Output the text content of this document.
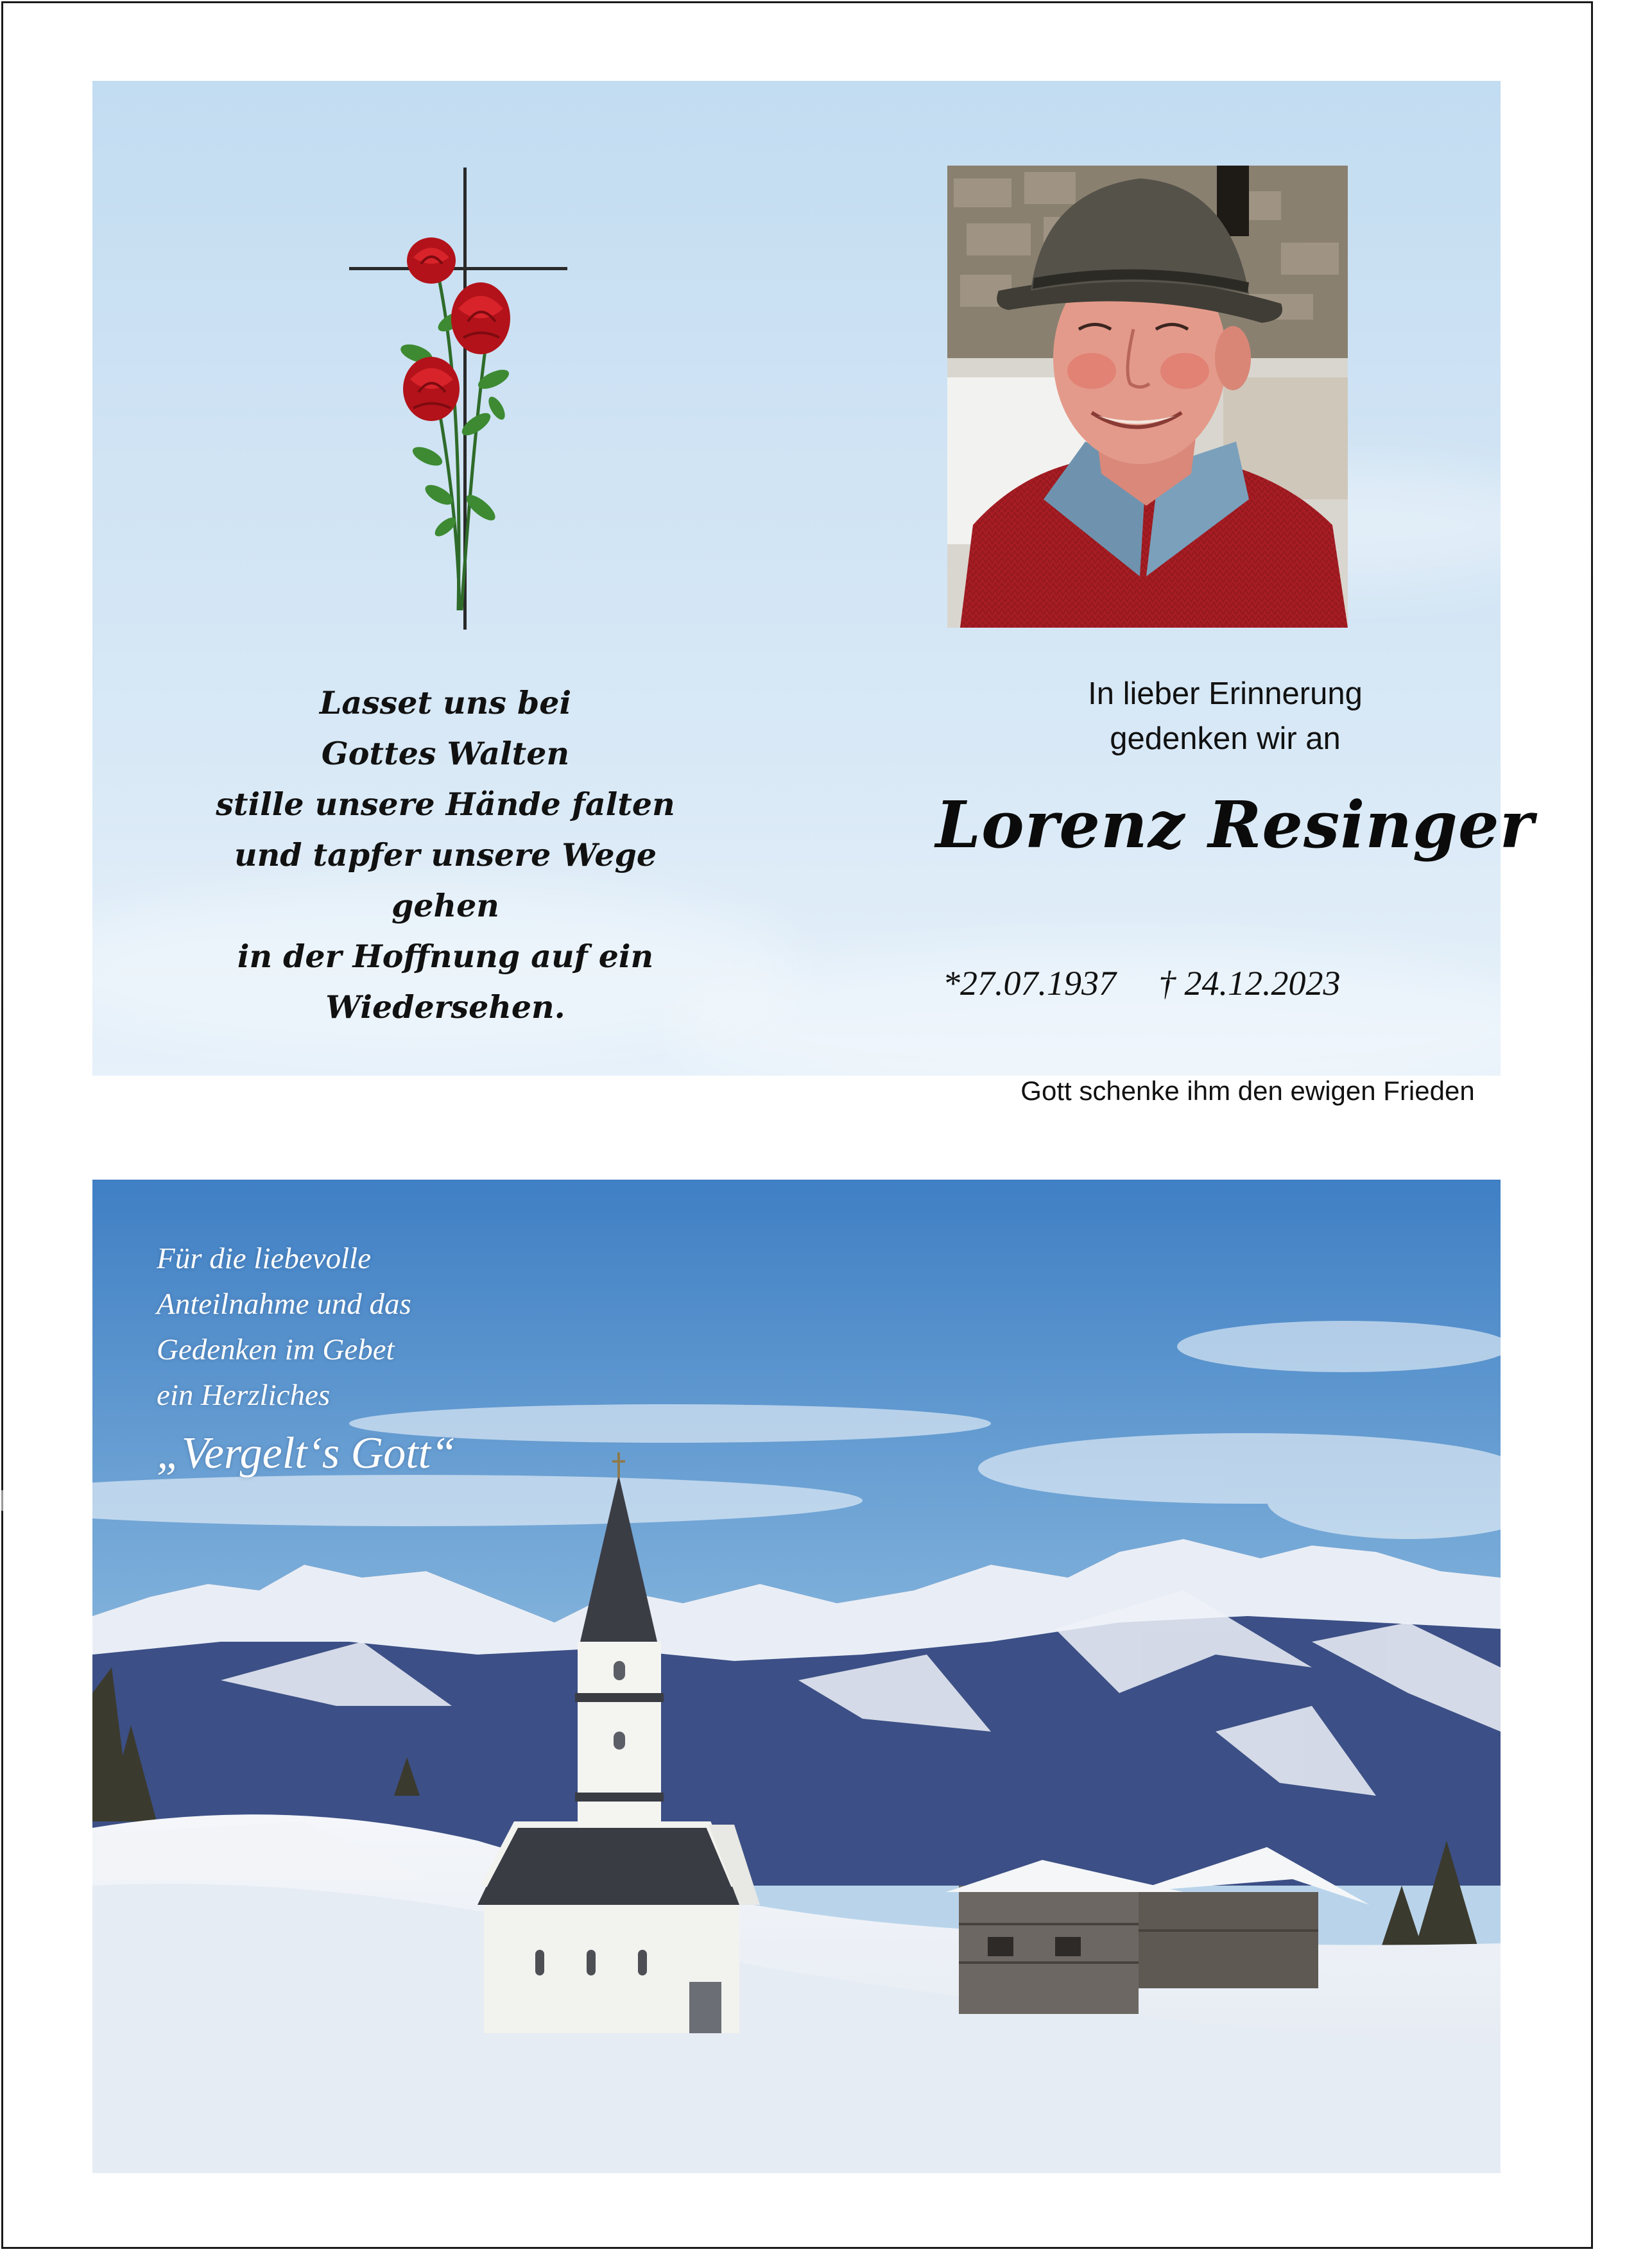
Lasset uns bei
Gottes Walten
stille unsere Hände falten
und tapfer unsere Wege
gehen
in der Hoffnung auf ein
Wiedersehen.
In lieber Erinnerung
gedenken wir an
Lorenz Resinger
*27.07.1937 † 24.12.2023
Gott schenke ihm den ewigen Frieden
Für die liebevolle
Anteilnahme und das
Gedenken im Gebet
ein Herzliches
„Vergelt‘s Gott“
